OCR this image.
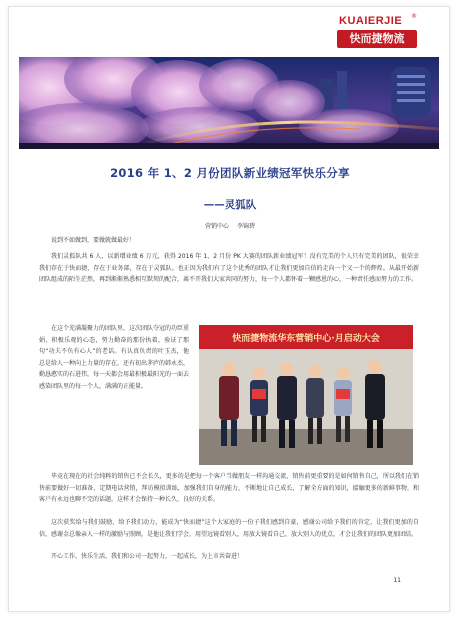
KUAIERJIE ®
快而捷物流
2016 年 1、2 月份团队新业绩冠军快乐分享
——灵狐队
营销中心 李锦碧

说到不如做到，要做就做最好！

我们灵狐队共 6 人，以新增业绩 6 万元，获得 2016 年 1、2 月份 PK 大赛的团队新业绩冠军！没有完美的个人只有完美的团队，很荣幸我们存在于快而捷，存在于业务部，存在于灵狐队。也正因为我们有了这个优秀的团队才让我们更加自信的走向一个又一个的辉煌。从最开始新团队组成的陌生茫然，再到渐渐熟悉相互默契的配合，离不开我们大家共同的努力，每一个人都怀着一颗感恩的心，一种责任感而努力的工作。

在这个充满凝聚力的团队里，这次团队夺冠的功臣重娟，积极乐观的心态，努力勤奋的那份执着，验证了那句“功夫不负有心人”的老话。有认真负责的叶玉杰，他总是给人一种向上力量的存在，还有初出茅庐的韩永杰，勤恳憨实的石进伟，每一天都会用最积极最阳光的一面去感染团队里的每一个人，满满的正能量。

快而捷物流华东营销中心·月启动大会

毕竟在现在的社会纯粹的销售已不会长久，更多的是把每一个客户当做朋友一样沟通交流，销售前更重要的是如何销售自己，所以我们在销售前要做好一切准备，定期电话营销，拜访模拟训练，加强我们自身的能力，不断地让自己成长，了解全方面的知识，接触更多的新鲜事物，和客户有永远也聊不完的话题，这样才会保持一种长久、良好的关系。

这次获奖给与我们鼓励，给予我们动力，能成为“快而捷”这个大家庭的一份子我们感到自豪，感谢公司给予我们的肯定，让我们更加的自信，感谢金总像亲人一样的激励与照顾，是他让我们学会，用望远镜看别人，用放大镜看自己，放大别人的优点，才会让我们的团队更加团结。

开心工作，快乐生活，我们和公司一起努力，一起成长，为上市共奋进！

11
